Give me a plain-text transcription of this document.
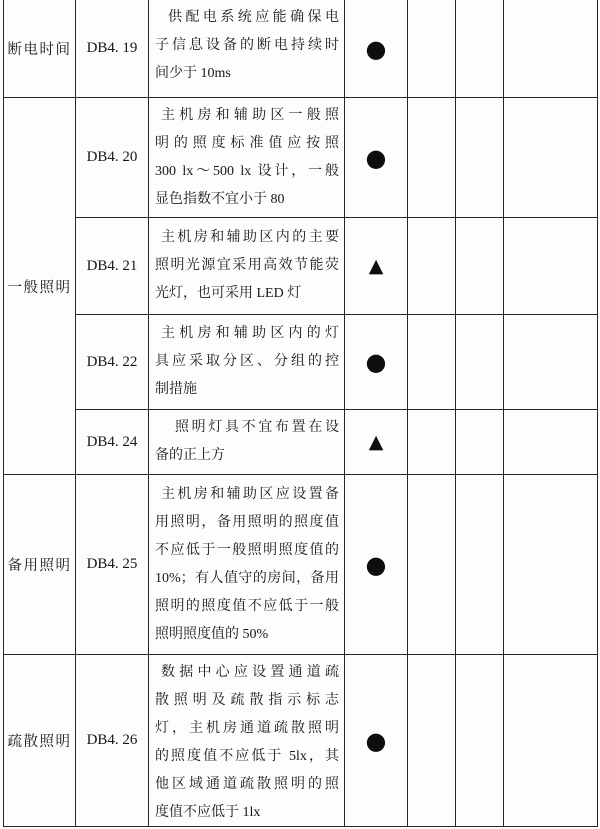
断电时间 DB4. 19
供配电系统应能确保电
子信息设备的断电持续时
间少于 10ms
●
一般照明
DB4. 20
主机房和辅助区一般照
明的照度标准值应按照
300 lx～500 lx 设计，一般
显色指数不宜小于 80
●
DB4. 21
主机房和辅助区内的主要
照明光源宜采用高效节能荧
光灯，也可采用 LED 灯
▲
DB4. 22
主机房和辅助区内的灯
具应采取分区、分组的控
制措施
●
DB4. 24
照明灯具不宜布置在设
备的正上方
▲
备用照明 DB4. 25
主机房和辅助区应设置备
用照明，备用照明的照度值
不应低于一般照明照度值的
10%；有人值守的房间，备用
照明的照度值不应低于一般
照明照度值的 50%
●
疏散照明 DB4. 26
数据中心应设置通道疏
散照明及疏散指示标志
灯，主机房通道疏散照明
的照度值不应低于 5lx，其
他区域通道疏散照明的照
度值不应低于 1lx
●
